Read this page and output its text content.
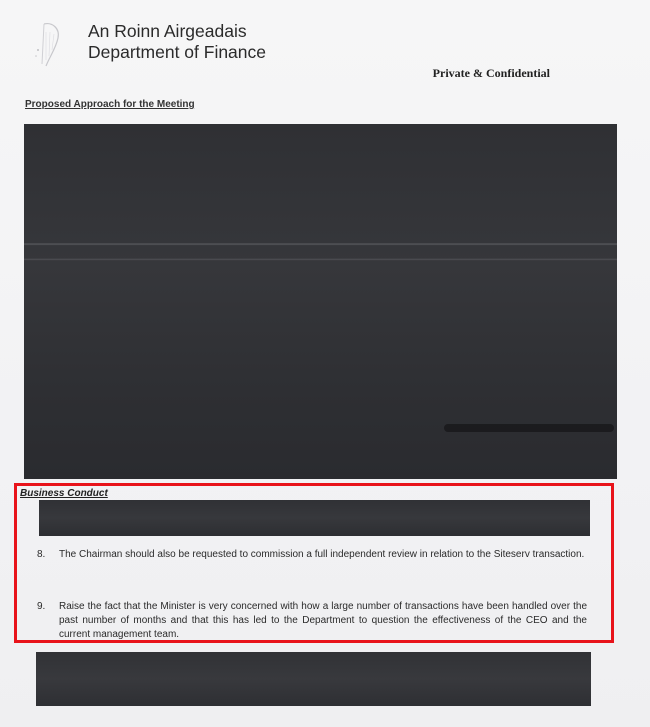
An Roinn Airgeadais
Department of Finance
Private & Confidential
Proposed Approach for the Meeting
Business Conduct
8.	The Chairman should also be requested to commission a full independent review in relation to the Siteserv transaction.
9.	Raise the fact that the Minister is very concerned with how a large number of transactions have been handled over the past number of months and that this has led to the Department to question the effectiveness of the CEO and the current management team.
